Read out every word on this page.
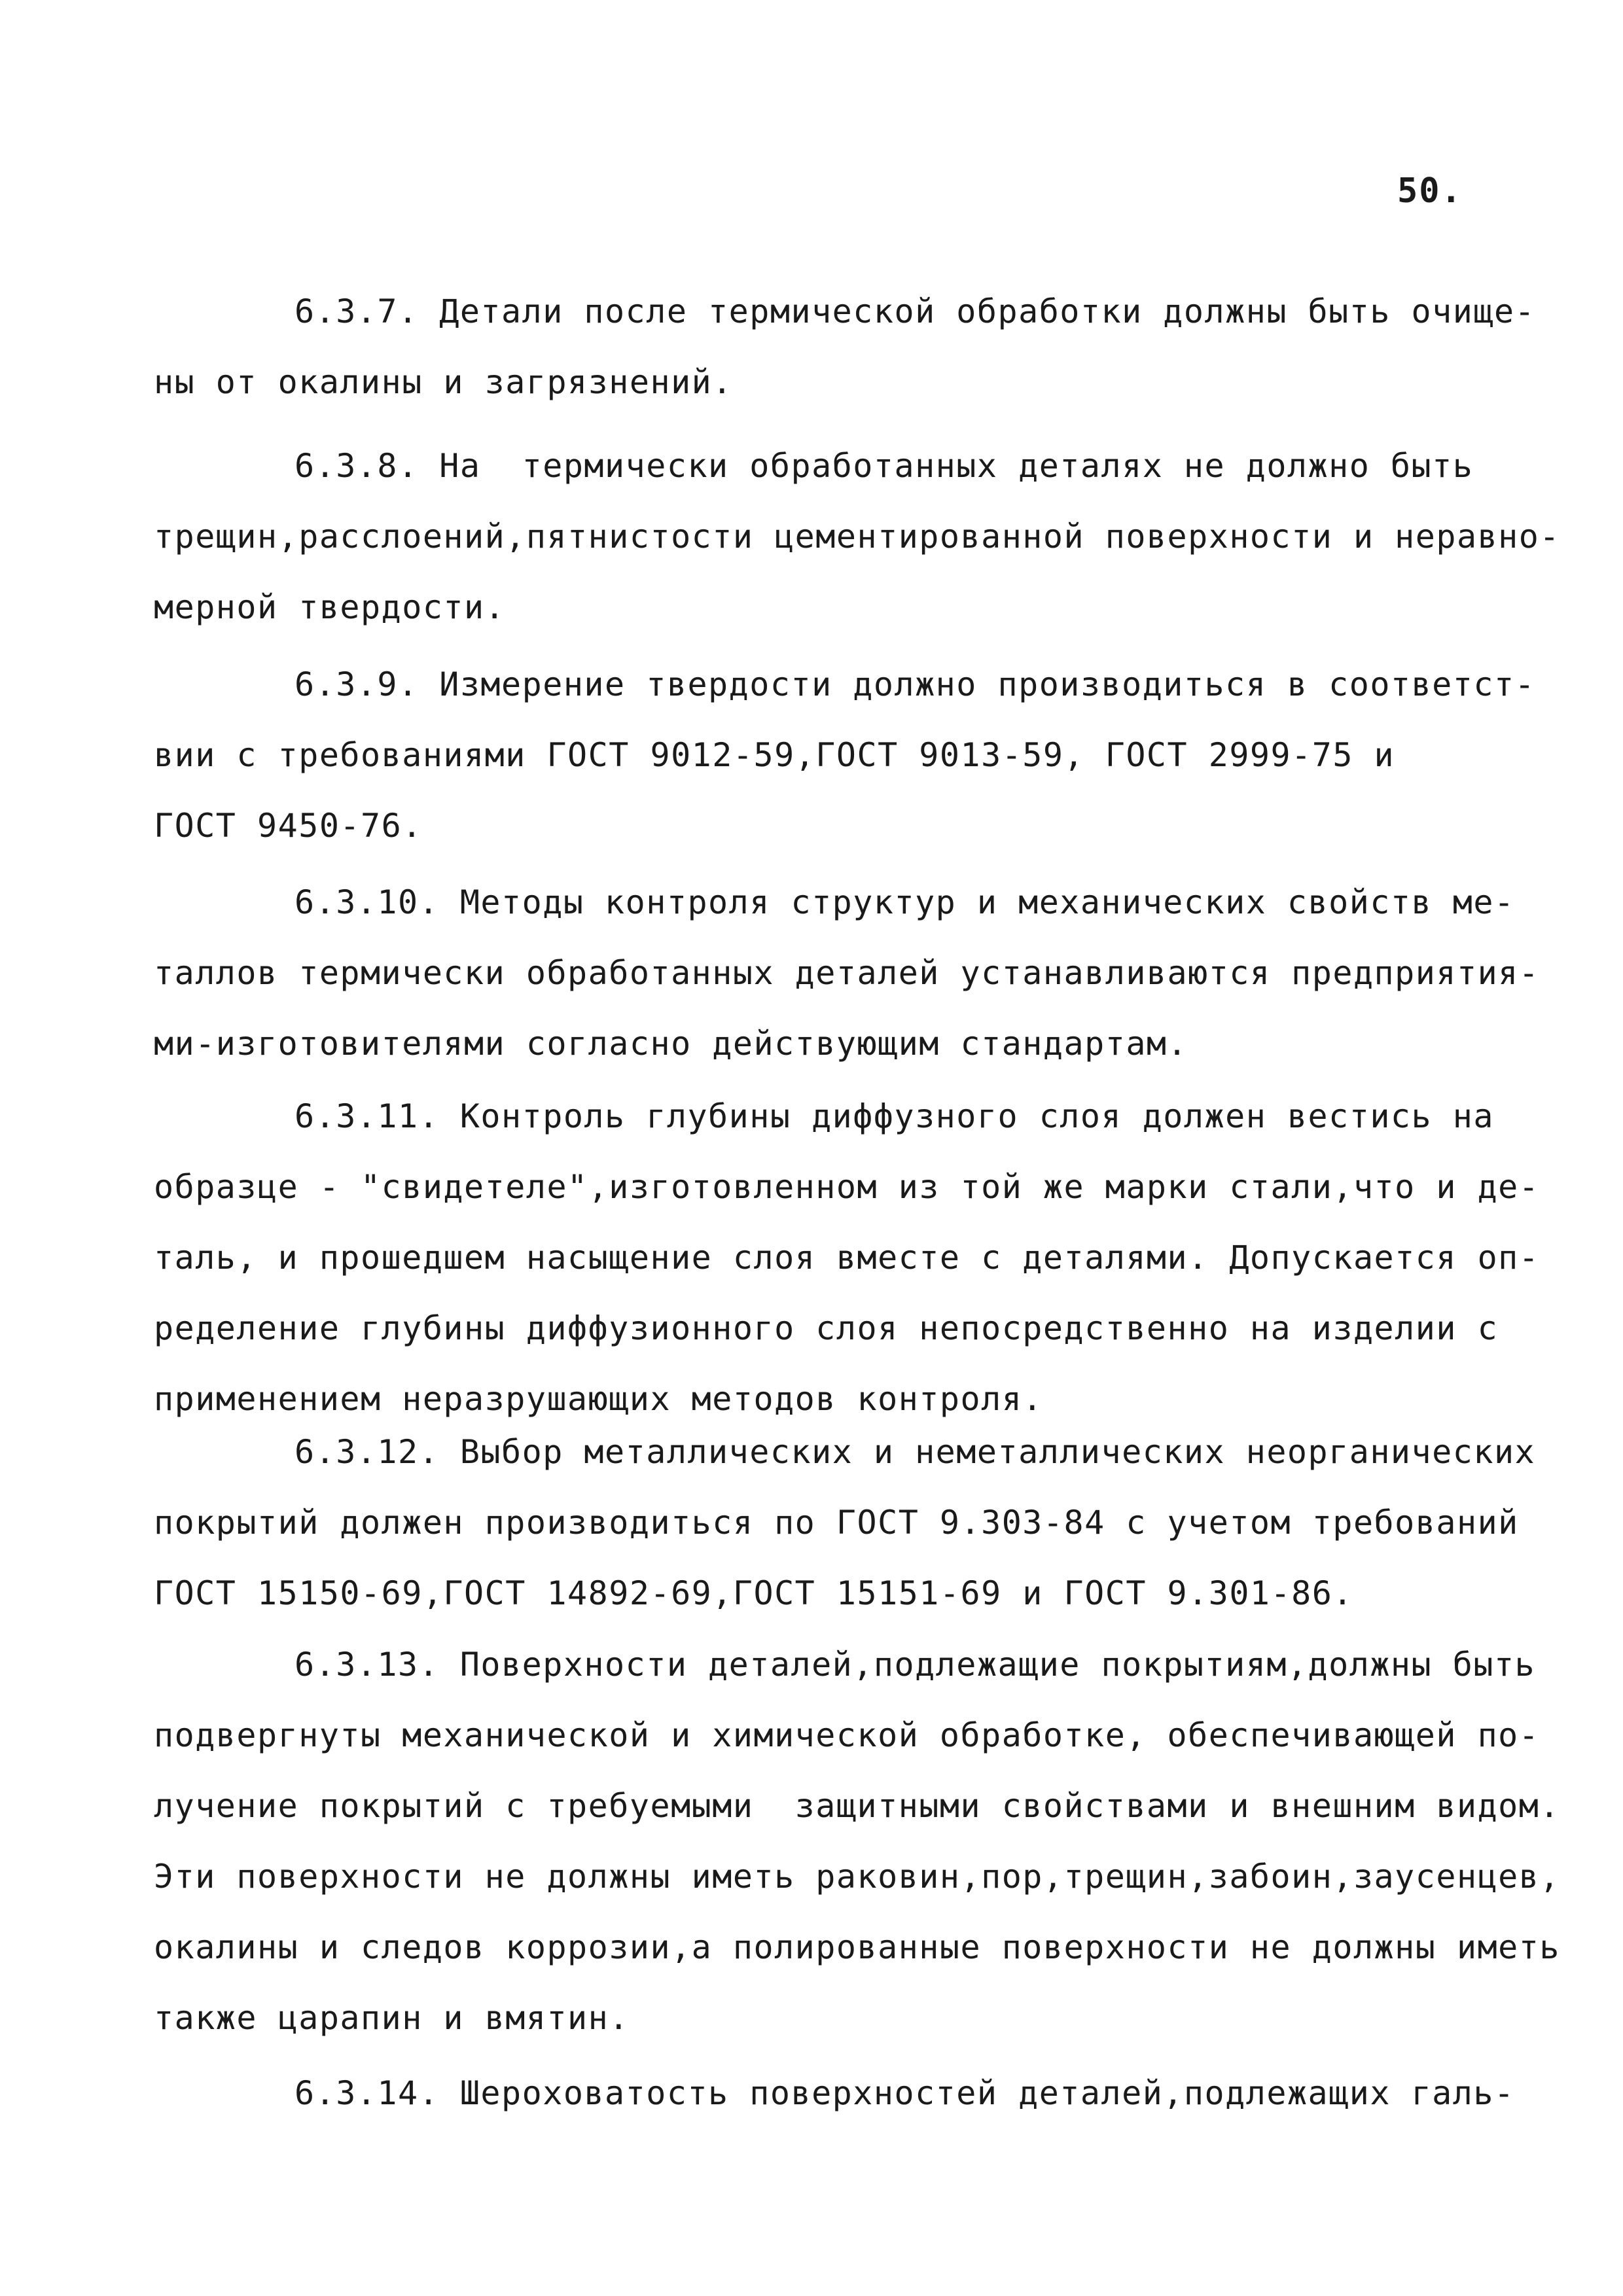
50.
6.3.7. Детали после термической обработки должны быть очище-
ны от окалины и загрязнений.
6.3.8. На  термически обработанных деталях не должно быть
трещин,расслоений,пятнистости цементированной поверхности и неравно-
мерной твердости.
6.3.9. Измерение твердости должно производиться в соответст-
вии с требованиями ГОСТ 9012-59,ГОСТ 9013-59, ГОСТ 2999-75 и
ГОСТ 9450-76.
6.3.10. Методы контроля структур и механических свойств ме-
таллов термически обработанных деталей устанавливаются предприятия-
ми-изготовителями согласно действующим стандартам.
6.3.11. Контроль глубины диффузного слоя должен вестись на
образце - "свидетеле",изготовленном из той же марки стали,что и де-
таль, и прошедшем насыщение слоя вместе с деталями. Допускается оп-
ределение глубины диффузионного слоя непосредственно на изделии с
применением неразрушающих методов контроля.
6.3.12. Выбор металлических и неметаллических неорганических
покрытий должен производиться по ГОСТ 9.303-84 с учетом требований
ГОСТ 15150-69,ГОСТ 14892-69,ГОСТ 15151-69 и ГОСТ 9.301-86.
6.3.13. Поверхности деталей,подлежащие покрытиям,должны быть
подвергнуты механической и химической обработке, обеспечивающей по-
лучение покрытий с требуемыми  защитными свойствами и внешним видом.
Эти поверхности не должны иметь раковин,пор,трещин,забоин,заусенцев,
окалины и следов коррозии,а полированные поверхности не должны иметь
также царапин и вмятин.
6.3.14. Шероховатость поверхностей деталей,подлежащих галь-
